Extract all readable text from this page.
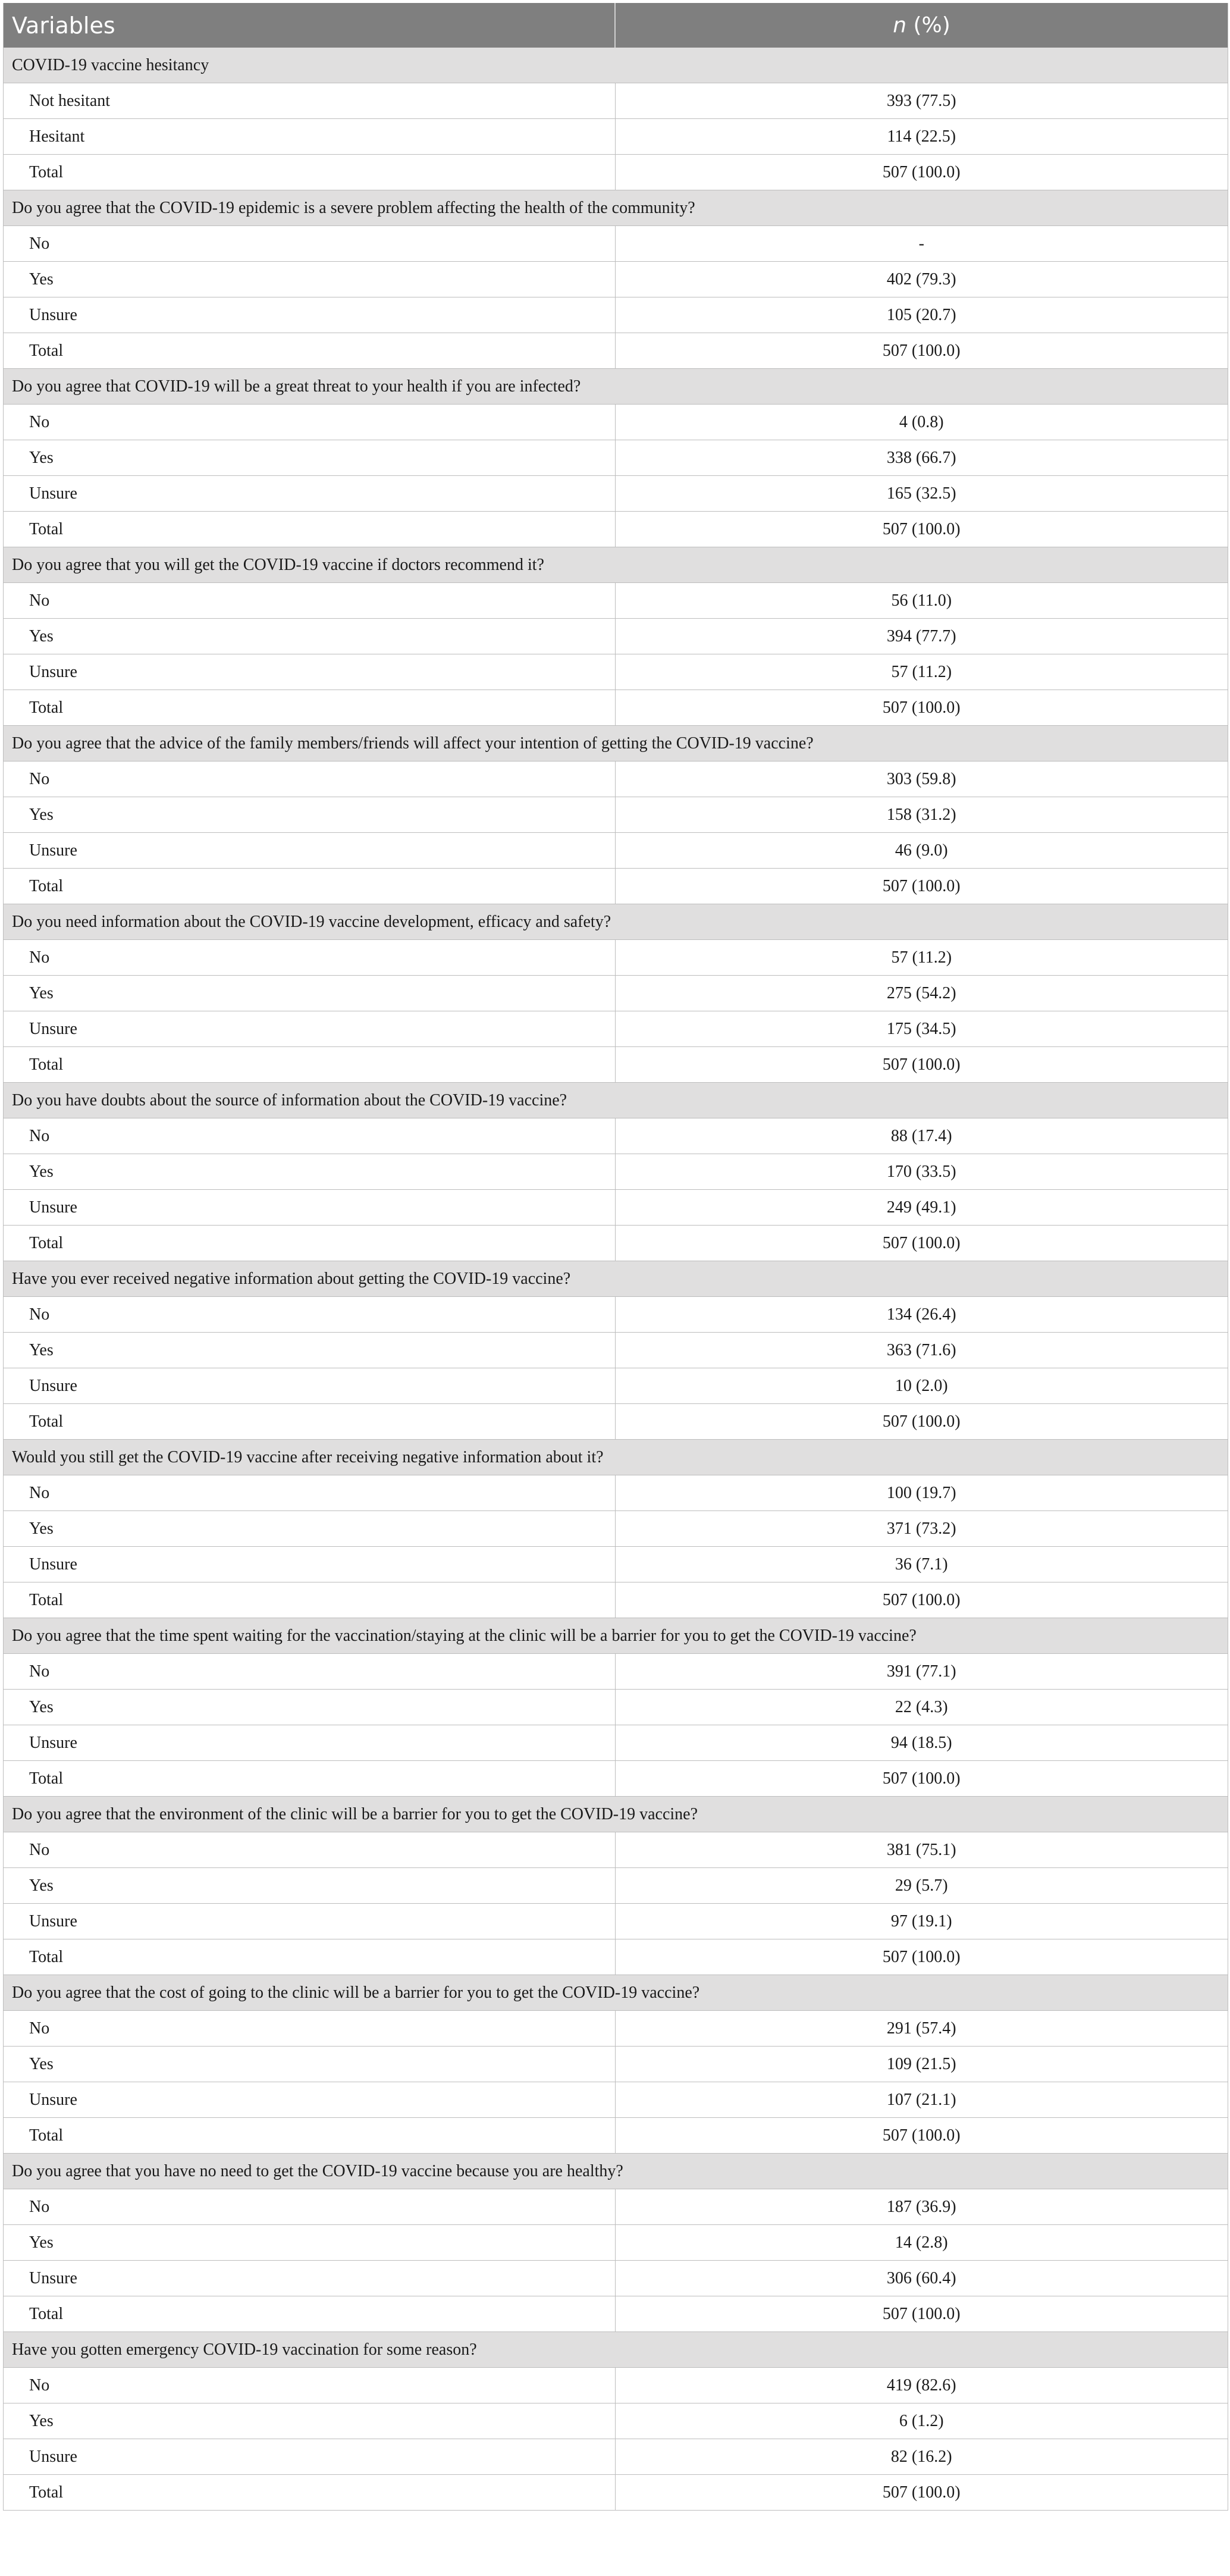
Variables	n (%)
COVID-19 vaccine hesitancy	
Not hesitant	393 (77.5)
Hesitant	114 (22.5)
Total	507 (100.0)
Do you agree that the COVID-19 epidemic is a severe problem affecting the health of the community?	
No	-
Yes	402 (79.3)
Unsure	105 (20.7)
Total	507 (100.0)
Do you agree that COVID-19 will be a great threat to your health if you are infected?	
No	4 (0.8)
Yes	338 (66.7)
Unsure	165 (32.5)
Total	507 (100.0)
Do you agree that you will get the COVID-19 vaccine if doctors recommend it?	
No	56 (11.0)
Yes	394 (77.7)
Unsure	57 (11.2)
Total	507 (100.0)
Do you agree that the advice of the family members/friends will affect your intention of getting the COVID-19 vaccine?	
No	303 (59.8)
Yes	158 (31.2)
Unsure	46 (9.0)
Total	507 (100.0)
Do you need information about the COVID-19 vaccine development, efficacy and safety?	
No	57 (11.2)
Yes	275 (54.2)
Unsure	175 (34.5)
Total	507 (100.0)
Do you have doubts about the source of information about the COVID-19 vaccine?	
No	88 (17.4)
Yes	170 (33.5)
Unsure	249 (49.1)
Total	507 (100.0)
Have you ever received negative information about getting the COVID-19 vaccine?	
No	134 (26.4)
Yes	363 (71.6)
Unsure	10 (2.0)
Total	507 (100.0)
Would you still get the COVID-19 vaccine after receiving negative information about it?	
No	100 (19.7)
Yes	371 (73.2)
Unsure	36 (7.1)
Total	507 (100.0)
Do you agree that the time spent waiting for the vaccination/staying at the clinic will be a barrier for you to get the COVID-19 vaccine?	
No	391 (77.1)
Yes	22 (4.3)
Unsure	94 (18.5)
Total	507 (100.0)
Do you agree that the environment of the clinic will be a barrier for you to get the COVID-19 vaccine?	
No	381 (75.1)
Yes	29 (5.7)
Unsure	97 (19.1)
Total	507 (100.0)
Do you agree that the cost of going to the clinic will be a barrier for you to get the COVID-19 vaccine?	
No	291 (57.4)
Yes	109 (21.5)
Unsure	107 (21.1)
Total	507 (100.0)
Do you agree that you have no need to get the COVID-19 vaccine because you are healthy?	
No	187 (36.9)
Yes	14 (2.8)
Unsure	306 (60.4)
Total	507 (100.0)
Have you gotten emergency COVID-19 vaccination for some reason?	
No	419 (82.6)
Yes	6 (1.2)
Unsure	82 (16.2)
Total	507 (100.0)
